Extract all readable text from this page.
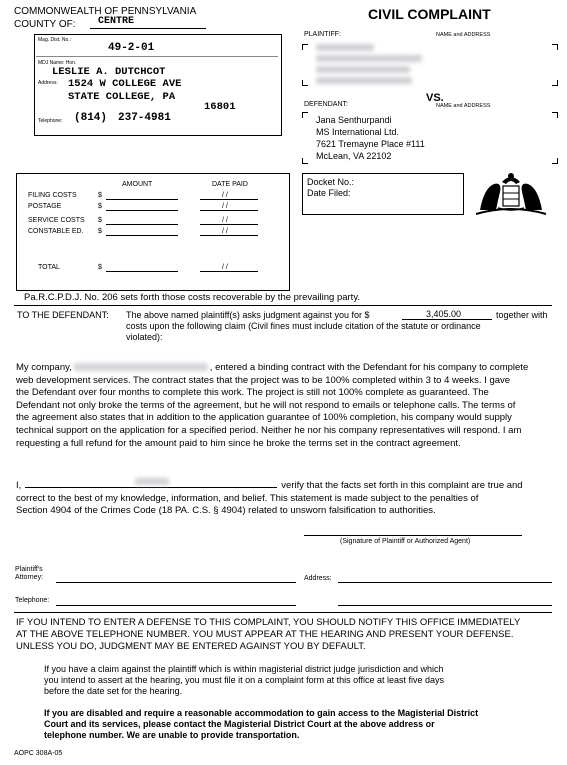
COMMONWEALTH OF PENNSYLVANIA
COUNTY OF: CENTRE	CIVIL COMPLAINT
Mag. Dist. No.:
49-2-01
MDJ Name: Hon.
LESLIE A. DUTCHCOT
Address: 1524 W COLLEGE AVE
STATE COLLEGE, PA
16801
Telephone: (814) 237-4981
PLAINTIFF:	NAME and ADDRESS
VS.
DEFENDANT:	NAME and ADDRESS
Jana Senthurpandi
MS International Ltd.
7621 Tremayne Place #111
McLean, VA 22102
AMOUNT	DATE PAID
FILING COSTS	$	/ /
POSTAGE	$	/ /
SERVICE COSTS $	/ /
CONSTABLE ED. $	/ /
TOTAL	$	/ /
Docket No.:
Date Filed:
Pa.R.C.P.D.J. No. 206 sets forth those costs recoverable by the prevailing party.
TO THE DEFENDANT: The above named plaintiff(s) asks judgment against you for $	3,405.00	together with
costs upon the following claim (Civil fines must include citation of the statute or ordinance
violated):

My company,	, entered a binding contract with the Defendant for his company to complete

web development services. The contract states that the project was to be 100% completed within 3 to 4 weeks. I gave

the Defendant over four months to complete this work. The project is still not 100% complete as guaranteed. The

Defendant not only broke the terms of the agreement, but he will not respond to emails or telephone calls. The terms of

the agreement also states that in addition to the application guarantee of 100% completion, his company would supply

technical support on the application for a specified period. Neither he nor his company representatives will respond. I am

requesting a full refund for the amount paid to him since he broke the terms set in the contract agreement.

I,	verify that the facts set forth in this complaint are true and

correct to the best of my knowledge, information, and belief. This statement is made subject to the penalties of

Section 4904 of the Crimes Code (18 PA. C.S. § 4904) related to unsworn falsification to authorities.

(Signature of Plaintiff or Authorized Agent)
Plaintiff's
Attorney:	Address:
Telephone:

IF YOU INTEND TO ENTER A DEFENSE TO THIS COMPLAINT, YOU SHOULD NOTIFY THIS OFFICE IMMEDIATELY

AT THE ABOVE TELEPHONE NUMBER. YOU MUST APPEAR AT THE HEARING AND PRESENT YOUR DEFENSE.

UNLESS YOU DO, JUDGMENT MAY BE ENTERED AGAINST YOU BY DEFAULT.

If you have a claim against the plaintiff which is within magisterial district judge jurisdiction and which

you intend to assert at the hearing, you must file it on a complaint form at this office at least five days

before the date set for the hearing.

If you are disabled and require a reasonable accommodation to gain access to the Magisterial District

Court and its services, please contact the Magisterial District Court at the above address or

telephone number. We are unable to provide transportation.

AOPC 308A-05
